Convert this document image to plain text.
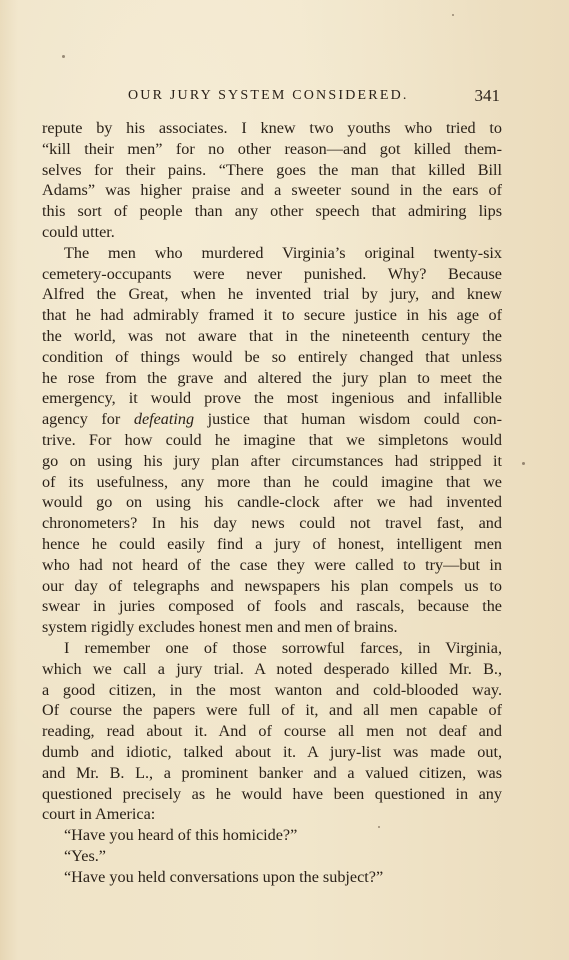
OUR JURY SYSTEM CONSIDERED.	341
repute by his associates. I knew two youths who tried to
“kill their men” for no other reason—and got killed them-
selves for their pains. “There goes the man that killed Bill
Adams” was higher praise and a sweeter sound in the ears of
this sort of people than any other speech that admiring lips
could utter.
The men who murdered Virginia’s original twenty-six
cemetery-occupants were never punished. Why? Because
Alfred the Great, when he invented trial by jury, and knew
that he had admirably framed it to secure justice in his age of
the world, was not aware that in the nineteenth century the
condition of things would be so entirely changed that unless
he rose from the grave and altered the jury plan to meet the
emergency, it would prove the most ingenious and infallible
agency for defeating justice that human wisdom could con-
trive. For how could he imagine that we simpletons would
go on using his jury plan after circumstances had stripped it
of its usefulness, any more than he could imagine that we
would go on using his candle-clock after we had invented
chronometers? In his day news could not travel fast, and
hence he could easily find a jury of honest, intelligent men
who had not heard of the case they were called to try—but in
our day of telegraphs and newspapers his plan compels us to
swear in juries composed of fools and rascals, because the
system rigidly excludes honest men and men of brains.
I remember one of those sorrowful farces, in Virginia,
which we call a jury trial. A noted desperado killed Mr. B.,
a good citizen, in the most wanton and cold-blooded way.
Of course the papers were full of it, and all men capable of
reading, read about it. And of course all men not deaf and
dumb and idiotic, talked about it. A jury-list was made out,
and Mr. B. L., a prominent banker and a valued citizen, was
questioned precisely as he would have been questioned in any
court in America:
“Have you heard of this homicide?”
“Yes.”
“Have you held conversations upon the subject?”
